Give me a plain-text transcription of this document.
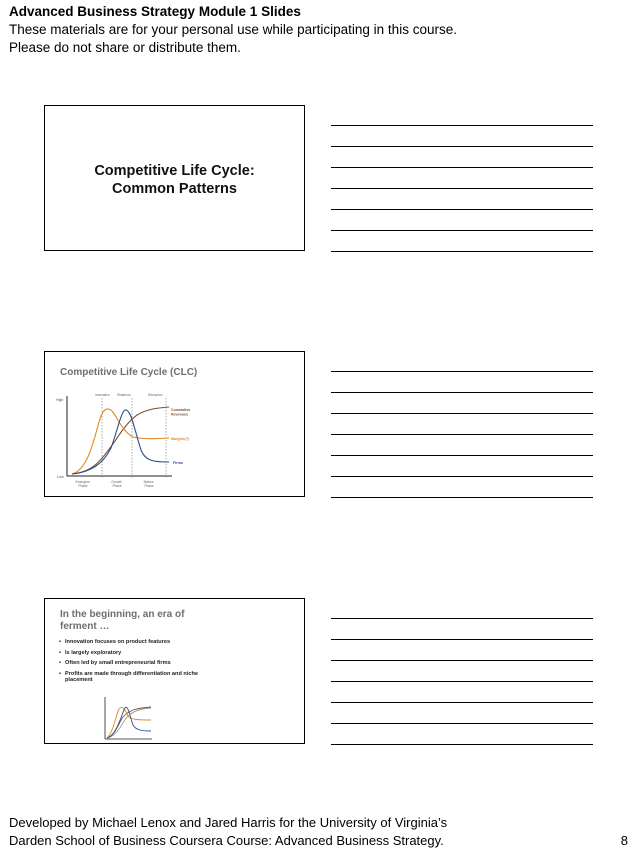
Advanced Business Strategy Module 1 Slides
These materials are for your personal use while participating in this course.
Please do not share or distribute them.
Competitive Life Cycle:
Common Patterns
Competitive Life Cycle (CLC)
High
Low
Innovation Shakeout	Disruption
Cumulative Revenues
Margins(?)
Firms
Emergent Phase
Growth Phase
Mature Phase
In the beginning, an era of ferment …
• Innovation focuses on product features
• Is largely exploratory
• Often led by small entrepreneurial firms
• Profits are made through differentiation and niche placement
Developed by Michael Lenox and Jared Harris for the University of Virginia’s
Darden School of Business Coursera Course: Advanced Business Strategy.	8
